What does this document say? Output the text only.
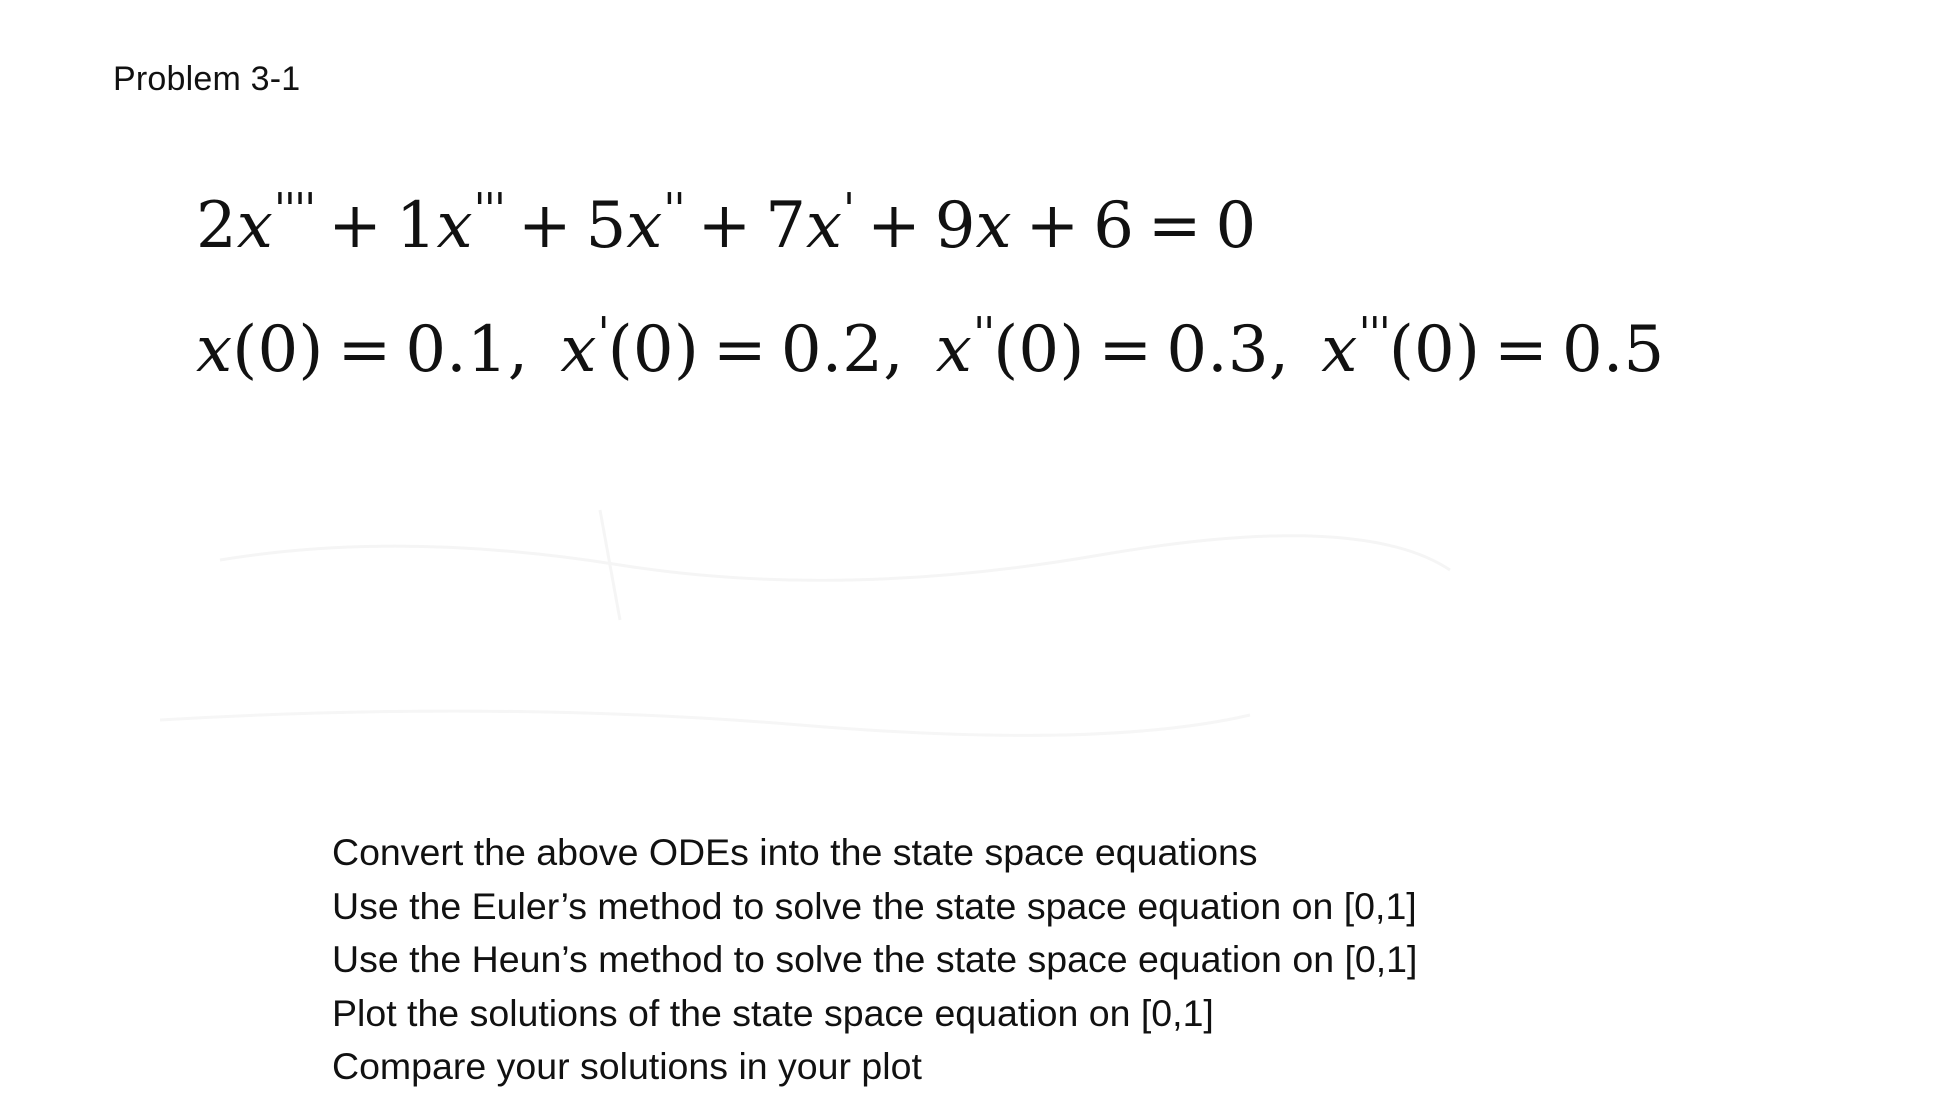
Problem 3-1
2x'''' + 1x''' + 5x'' + 7x' + 9x + 6 = 0
x(0) = 0.1, x'(0) = 0.2, x''(0) = 0.3, x'''(0) = 0.5
Convert the above ODEs into the state space equations
Use the Euler’s method to solve the state space equation on [0,1]
Use the Heun’s method to solve the state space equation on [0,1]
Plot the solutions of the state space equation on [0,1]
Compare your solutions in your plot
